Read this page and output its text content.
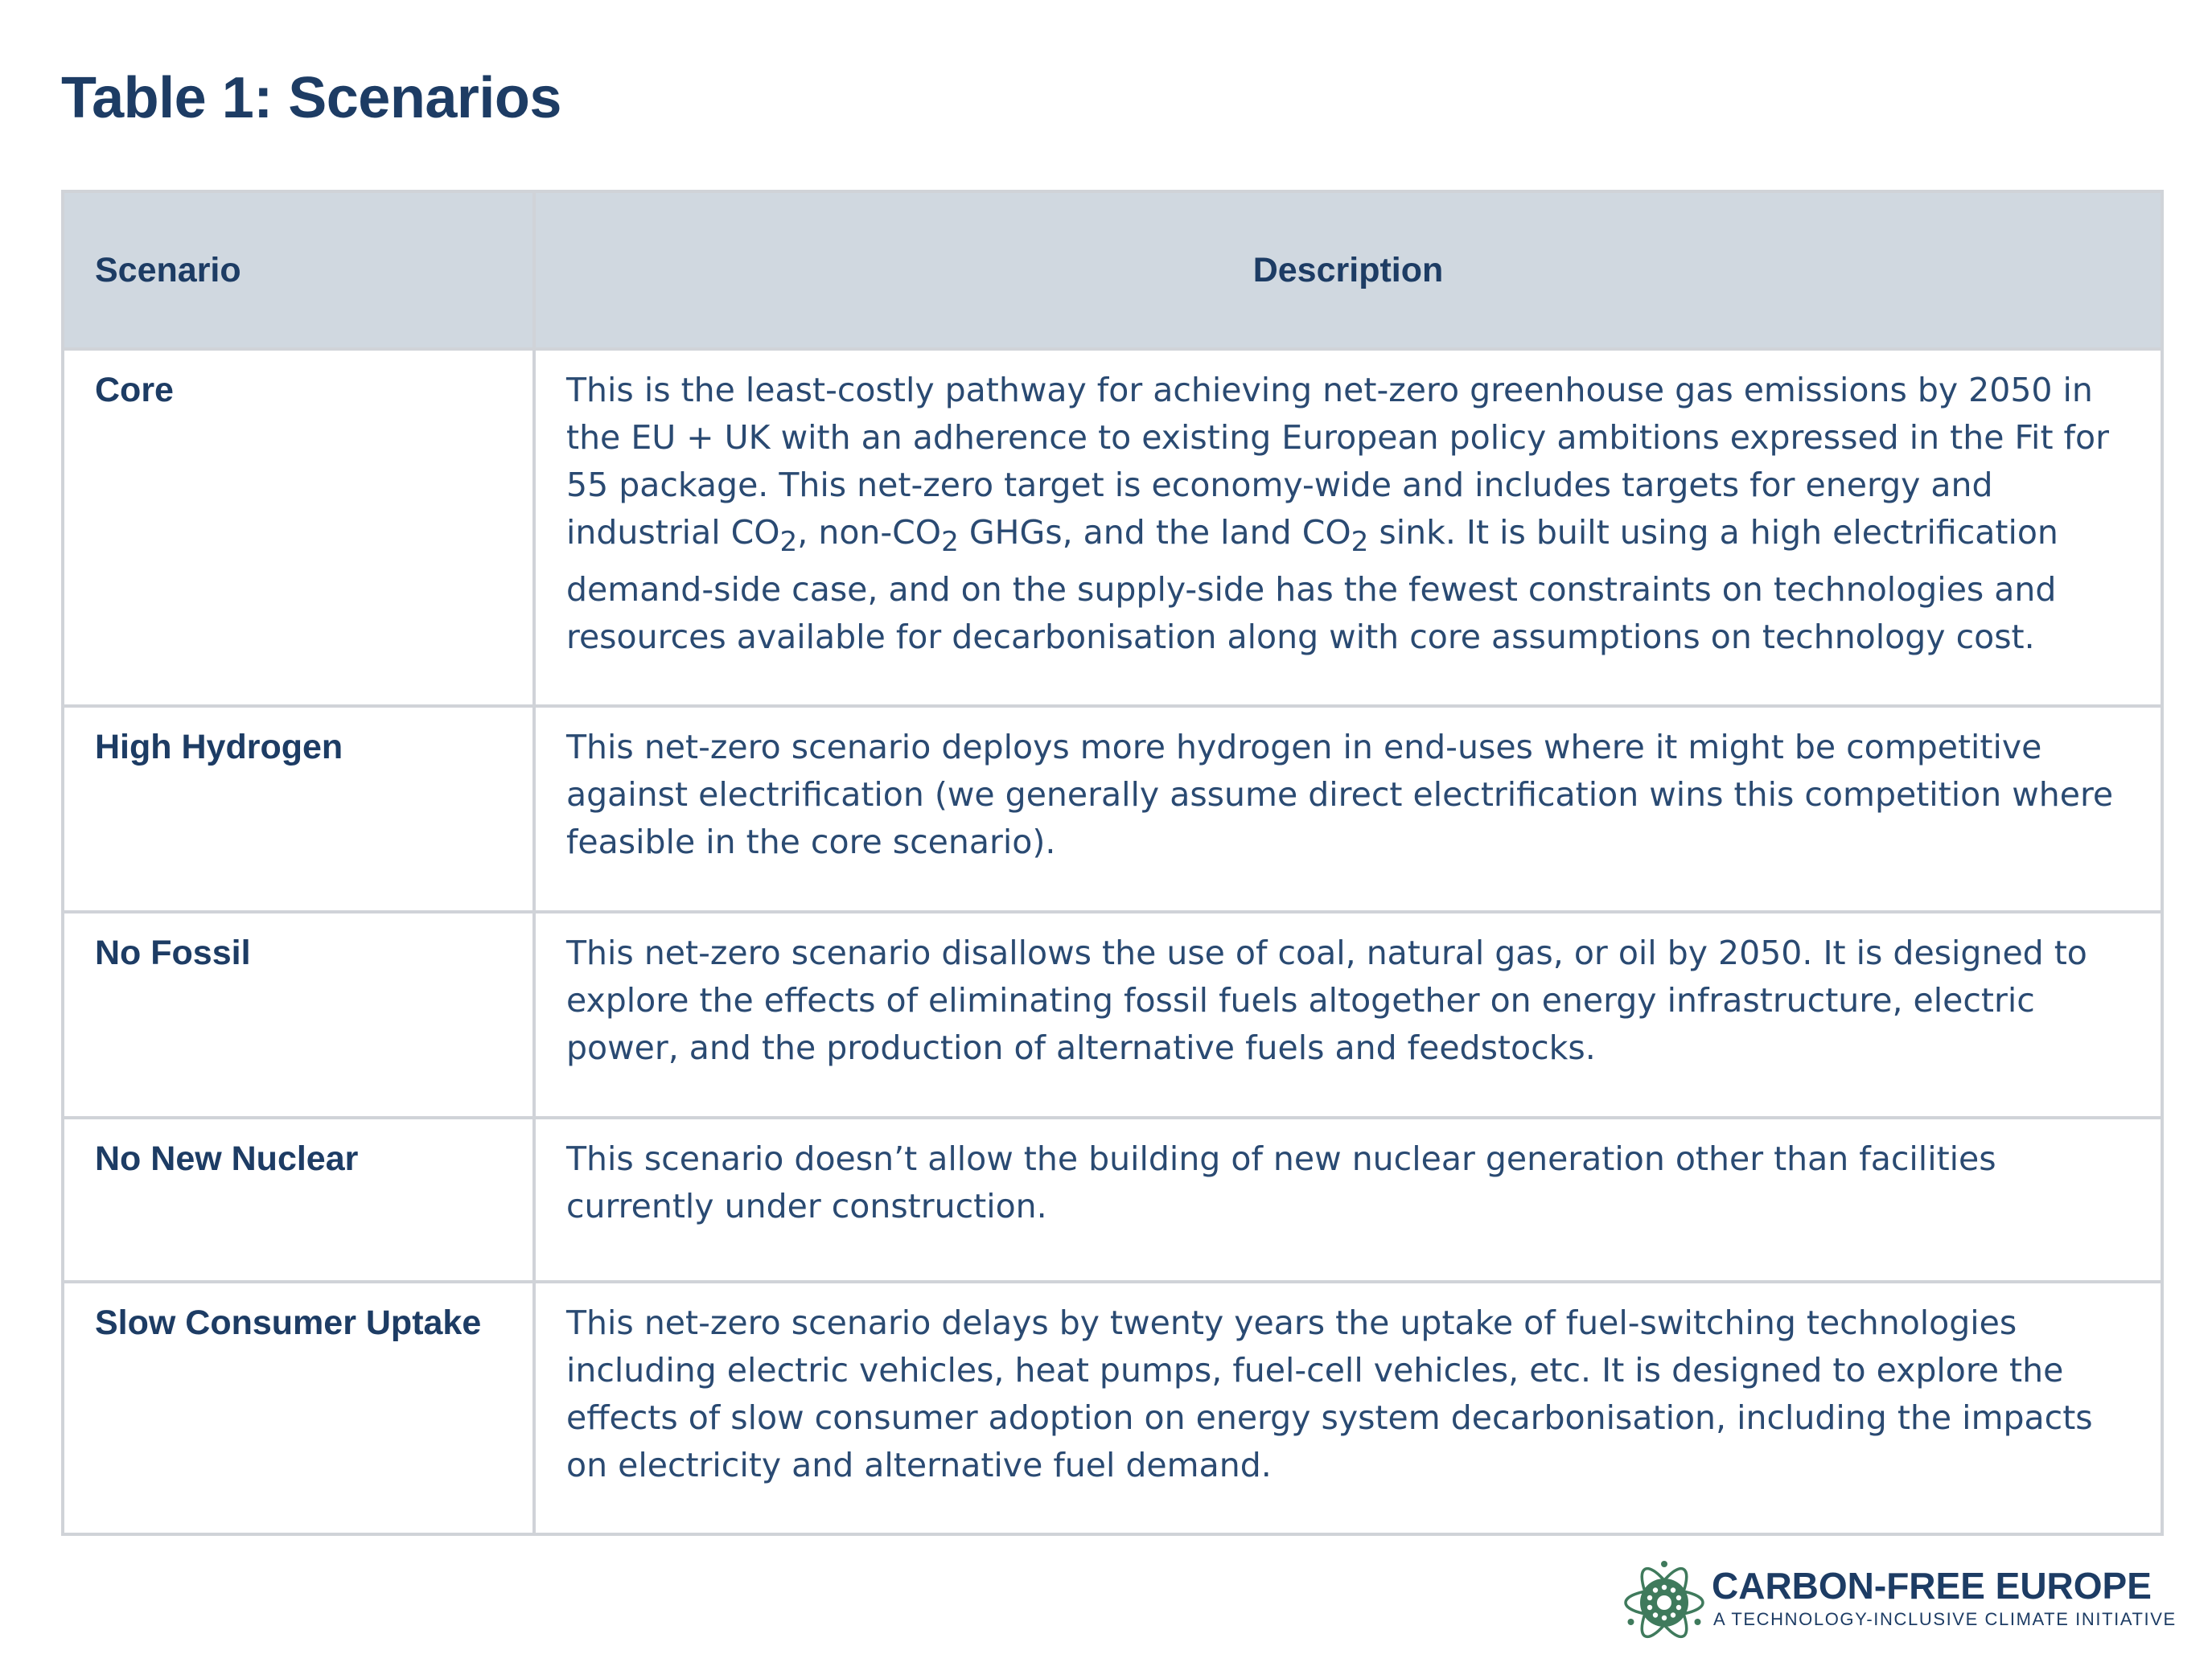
Table 1: Scenarios
Scenario	Description
Core	This is the least-costly pathway for achieving net-zero greenhouse gas emissions by 2050 in the EU + UK with an adherence to existing European policy ambitions expressed in the Fit for 55 package. This net-zero target is economy-wide and includes targets for energy and industrial $CO_2$, non-$CO_2$ GHGs, and the land $CO_2$ sink. It is built using a high electrification demand-side case, and on the supply-side has the fewest constraints on technologies and resources available for decarbonisation along with core assumptions on technology cost.
High Hydrogen	This net-zero scenario deploys more hydrogen in end-uses where it might be competitive against electrification (we generally assume direct electrification wins this competition where feasible in the core scenario).
No Fossil	This net-zero scenario disallows the use of coal, natural gas, or oil by 2050. It is designed to explore the effects of eliminating fossil fuels altogether on energy infrastructure, electric power, and the production of alternative fuels and feedstocks.
No New Nuclear	This scenario doesn’t allow the building of new nuclear generation other than facilities currently under construction.
Slow Consumer Uptake	This net-zero scenario delays by twenty years the uptake of fuel-switching technologies including electric vehicles, heat pumps, fuel-cell vehicles, etc. It is designed to explore the effects of slow consumer adoption on energy system decarbonisation, including the impacts on electricity and alternative fuel demand.
CARBON-FREE EUROPE
A TECHNOLOGY-INCLUSIVE CLIMATE INITIATIVE
